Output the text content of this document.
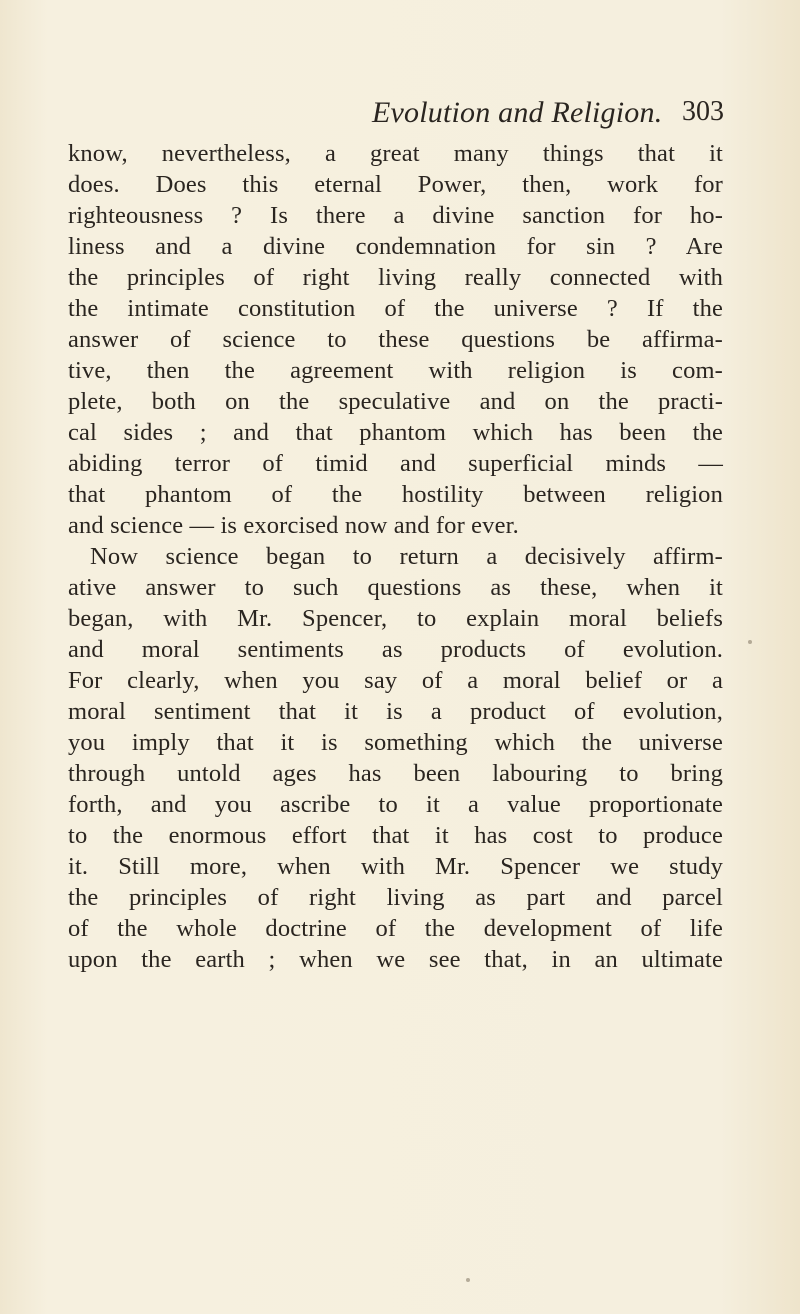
Evolution and Religion. 303
know, nevertheless, a great many things that it
does. Does this eternal Power, then, work for
righteousness ? Is there a divine sanction for ho-
liness and a divine condemnation for sin ? Are
the principles of right living really connected with
the intimate constitution of the universe ? If the
answer of science to these questions be affirma-
tive, then the agreement with religion is com-
plete, both on the speculative and on the practi-
cal sides ; and that phantom which has been the
abiding terror of timid and superficial minds —
that phantom of the hostility between religion
and science — is exorcised now and for ever.
Now science began to return a decisively affirm-
ative answer to such questions as these, when it
began, with Mr. Spencer, to explain moral beliefs
and moral sentiments as products of evolution.
For clearly, when you say of a moral belief or a
moral sentiment that it is a product of evolution,
you imply that it is something which the universe
through untold ages has been labouring to bring
forth, and you ascribe to it a value proportionate
to the enormous effort that it has cost to produce
it. Still more, when with Mr. Spencer we study
the principles of right living as part and parcel
of the whole doctrine of the development of life
upon the earth ; when we see that, in an ultimate
